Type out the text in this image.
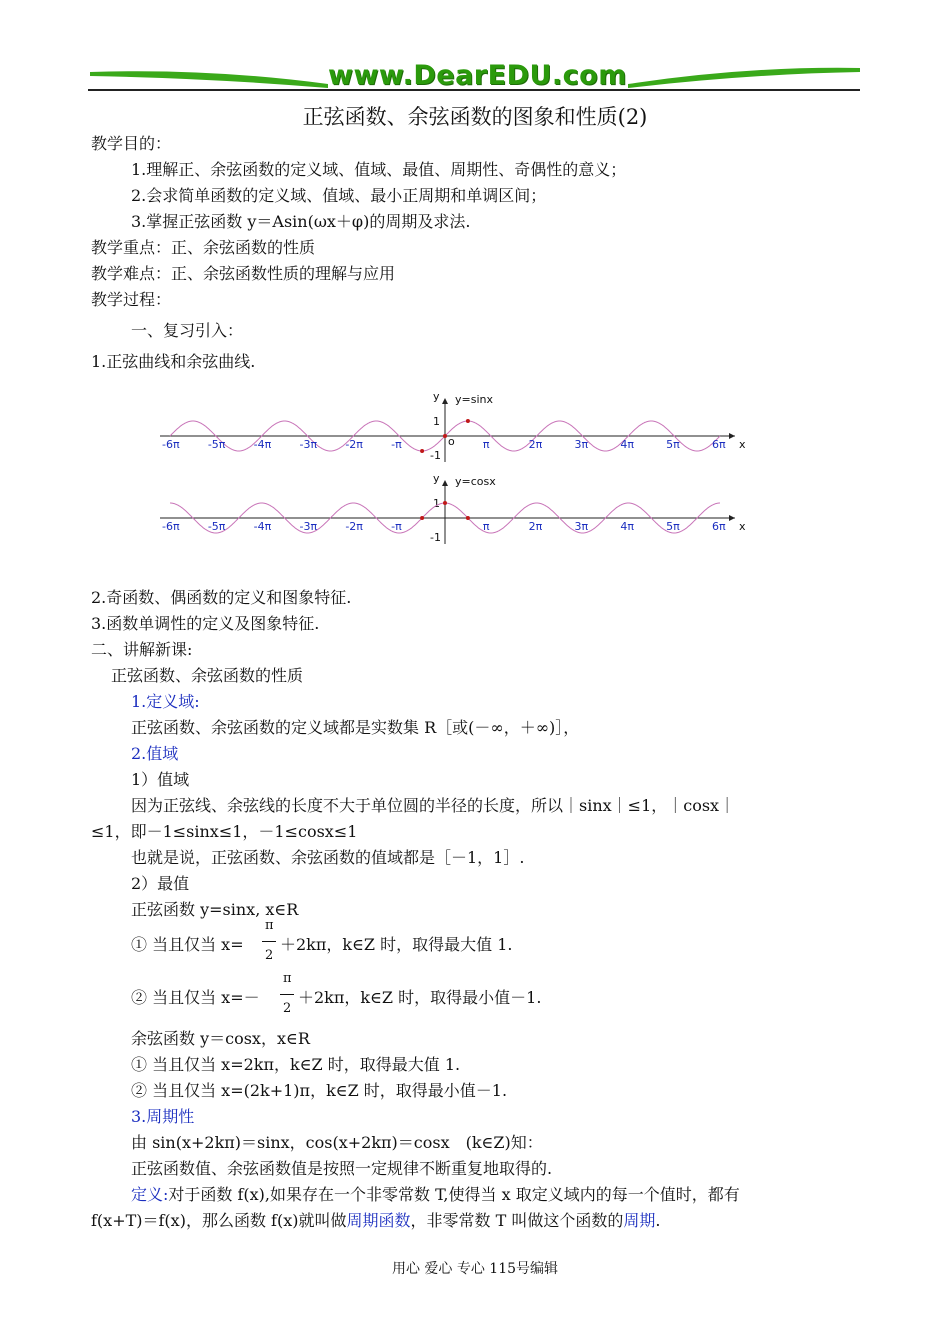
www.DearEDU.com
正弦函数、余弦函数的图象和性质(2)
教学目的：
1.理解正、余弦函数的定义域、值域、最值、周期性、奇偶性的意义；
2.会求简单函数的定义域、值域、最小正周期和单调区间；
3.掌握正弦函数 y＝Asin(ωx＋φ)的周期及求法.
教学重点：正、余弦函数的性质
教学难点：正、余弦函数性质的理解与应用
教学过程：
一、复习引入：
1.正弦曲线和余弦曲线.
x
y y=sinx
1
-1
o
-6π	-5π	-4π	-3π	-2π	-π	π	2π	3π	4π	5π	6π
x
y y=cosx
1
-1
-6π	-5π	-4π	-3π	-2π	-π	π	2π	3π	4π	5π	6π
2.奇函数、偶函数的定义和图象特征.
3.函数单调性的定义及图象特征.
二、讲解新课:
正弦函数、余弦函数的性质
1.定义域:
正弦函数、余弦函数的定义域都是实数集 R［或(－∞，＋∞)］，
2.值域
1）值域
因为正弦线、余弦线的长度不大于单位圆的半径的长度，所以｜sinx｜≤1，｜cosx｜
≤1，即－1≤sinx≤1，－1≤cosx≤1
也就是说，正弦函数、余弦函数的值域都是［－1，1］.
2）最值
正弦函数 y=sinx, x∈R
① 当且仅当 x=
π
2
＋2kπ，k∈Z 时，取得最大值 1.
② 当且仅当 x=－
π
2
＋2kπ，k∈Z 时，取得最小值－1.
余弦函数 y＝cosx，x∈R
① 当且仅当 x=2kπ，k∈Z 时，取得最大值 1.
② 当且仅当 x=(2k+1)π，k∈Z 时，取得最小值－1.
3.周期性
由 sin(x+2kπ)＝sinx，cos(x+2kπ)＝cosx　(k∈Z)知：
正弦函数值、余弦函数值是按照一定规律不断重复地取得的.
定义:对于函数 f(x),如果存在一个非零常数 T,使得当 x 取定义域内的每一个值时，都有
f(x+T)＝f(x)，那么函数 f(x)就叫做周期函数，非零常数 T 叫做这个函数的周期.
用心 爱心 专心 115号编辑
